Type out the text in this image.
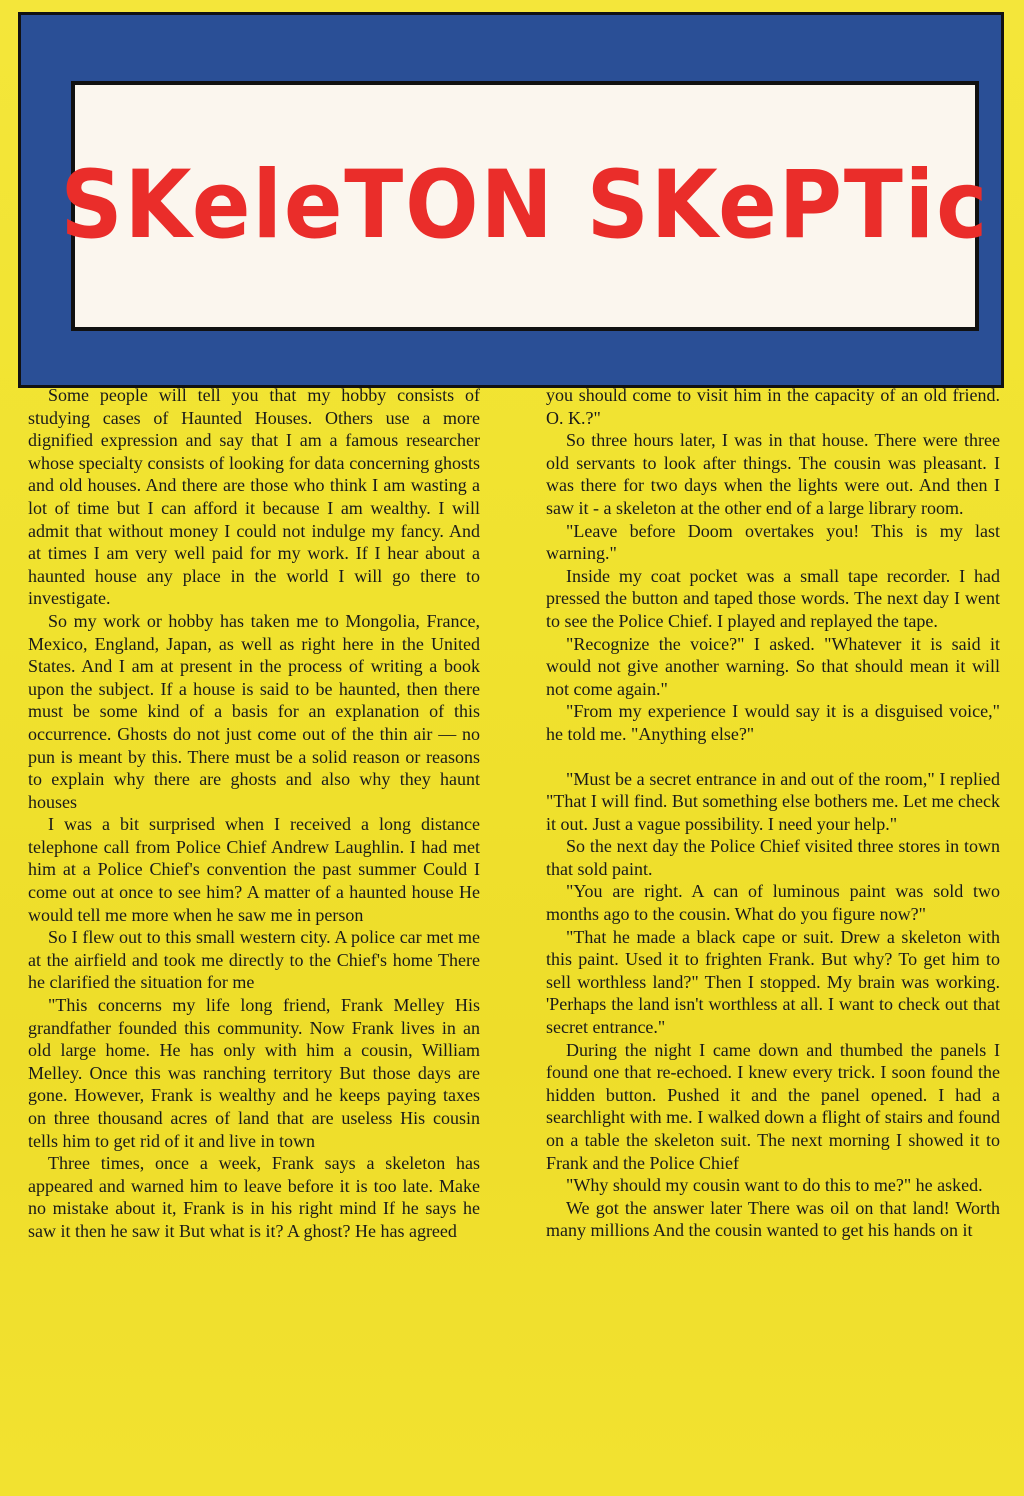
SKeleTON SKePTic

Some people will tell you that my hobby consists of studying cases of Haunted Houses. Others use a more dignified expression and say that I am a famous researcher whose specialty consists of looking for data concerning ghosts and old houses. And there are those who think I am wasting a lot of time but I can afford it because I am wealthy. I will admit that without money I could not indulge my fancy. And at times I am very well paid for my work. If I hear about a haunted house any place in the world I will go there to investigate.

So my work or hobby has taken me to Mongolia, France, Mexico, England, Japan, as well as right here in the United States. And I am at present in the process of writing a book upon the subject. If a house is said to be haunted, then there must be some kind of a basis for an explanation of this occurrence. Ghosts do not just come out of the thin air — no pun is meant by this. There must be a solid reason or reasons to explain why there are ghosts and also why they haunt houses

I was a bit surprised when I received a long distance telephone call from Police Chief Andrew Laughlin. I had met him at a Police Chief's convention the past summer Could I come out at once to see him? A matter of a haunted house He would tell me more when he saw me in person

So I flew out to this small western city. A police car met me at the airfield and took me directly to the Chief's home There he clarified the situation for me

"This concerns my life long friend, Frank Melley His grandfather founded this community. Now Frank lives in an old large home. He has only with him a cousin, William Melley. Once this was ranching territory But those days are gone. However, Frank is wealthy and he keeps paying taxes on three thousand acres of land that are useless His cousin tells him to get rid of it and live in town

Three times, once a week, Frank says a skeleton has appeared and warned him to leave before it is too late. Make no mistake about it, Frank is in his right mind If he says he saw it then he saw it But what is it? A ghost? He has agreed

you should come to visit him in the capacity of an old friend. O. K.?"

So three hours later, I was in that house. There were three old servants to look after things. The cousin was pleasant. I was there for two days when the lights were out. And then I saw it - a skeleton at the other end of a large library room.

"Leave before Doom overtakes you! This is my last warning."

Inside my coat pocket was a small tape recorder. I had pressed the button and taped those words. The next day I went to see the Police Chief. I played and replayed the tape.

"Recognize the voice?" I asked. "Whatever it is said it would not give another warning. So that should mean it will not come again."

"From my experience I would say it is a disguised voice," he told me. "Anything else?"

"Must be a secret entrance in and out of the room," I replied "That I will find. But something else bothers me. Let me check it out. Just a vague possibility. I need your help."

So the next day the Police Chief visited three stores in town that sold paint.

"You are right. A can of luminous paint was sold two months ago to the cousin. What do you figure now?"

"That he made a black cape or suit. Drew a skeleton with this paint. Used it to frighten Frank. But why? To get him to sell worthless land?" Then I stopped. My brain was working. 'Perhaps the land isn't worthless at all. I want to check out that secret entrance."

During the night I came down and thumbed the panels I found one that re-echoed. I knew every trick. I soon found the hidden button. Pushed it and the panel opened. I had a searchlight with me. I walked down a flight of stairs and found on a table the skeleton suit. The next morning I showed it to Frank and the Police Chief

"Why should my cousin want to do this to me?" he asked.

We got the answer later There was oil on that land! Worth many millions And the cousin wanted to get his hands on it
